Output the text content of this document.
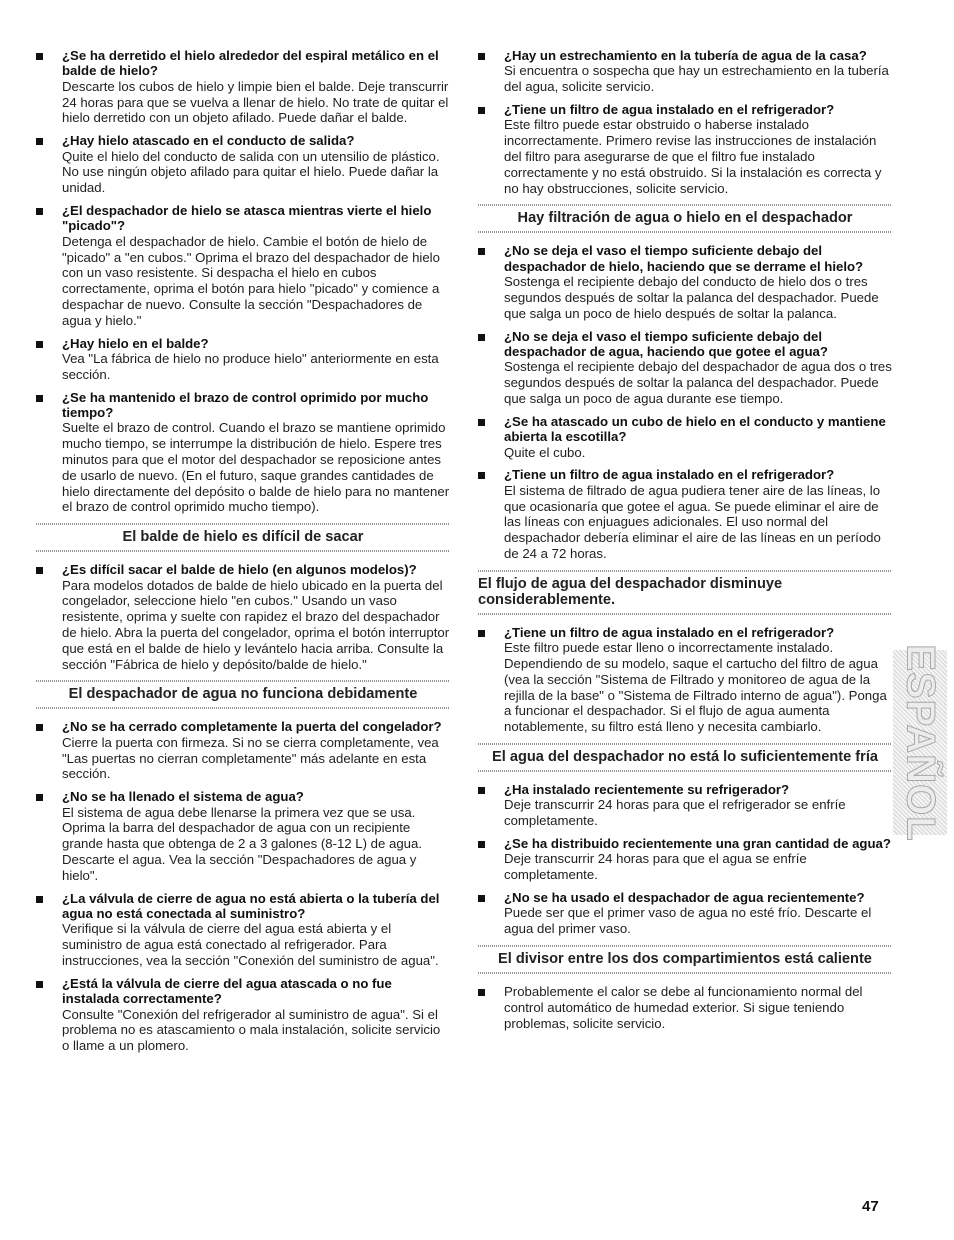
¿Se ha derretido el hielo alrededor del espiral metálico en el balde de hielo?
Descarte los cubos de hielo y limpie bien el balde. Deje transcurrir 24 horas para que se vuelva a llenar de hielo. No trate de quitar el hielo derretido con un objeto afilado. Puede dañar el balde.
¿Hay hielo atascado en el conducto de salida?
Quite el hielo del conducto de salida con un utensilio de plástico. No use ningún objeto afilado para quitar el hielo. Puede dañar la unidad.
¿El despachador de hielo se atasca mientras vierte el hielo "picado"?
Detenga el despachador de hielo. Cambie el botón de hielo de "picado" a "en cubos." Oprima el brazo del despachador de hielo con un vaso resistente. Si despacha el hielo en cubos correctamente, oprima el botón para hielo "picado" y comience a despachar de nuevo. Consulte la sección "Despachadores de agua y hielo."
¿Hay hielo en el balde?
Vea "La fábrica de hielo no produce hielo" anteriormente en esta sección.
¿Se ha mantenido el brazo de control oprimido por mucho tiempo?
Suelte el brazo de control. Cuando el brazo se mantiene oprimido mucho tiempo, se interrumpe la distribución de hielo. Espere tres minutos para que el motor del despachador se reposicione antes de usarlo de nuevo. (En el futuro, saque grandes cantidades de hielo directamente del depósito o balde de hielo para no mantener el brazo de control oprimido mucho tiempo).
El balde de hielo es difícil de sacar
¿Es difícil sacar el balde de hielo (en algunos modelos)?
Para modelos dotados de balde de hielo ubicado en la puerta del congelador, seleccione hielo "en cubos." Usando un vaso resistente, oprima y suelte con rapidez el brazo del despachador de hielo. Abra la puerta del congelador, oprima el botón interruptor que está en el balde de hielo y levántelo hacia arriba. Consulte la sección "Fábrica de hielo y depósito/balde de hielo."
El despachador de agua no funciona debidamente
¿No se ha cerrado completamente la puerta del congelador?
Cierre la puerta con firmeza. Si no se cierra completamente, vea "Las puertas no cierran completamente" más adelante en esta sección.
¿No se ha llenado el sistema de agua?
El sistema de agua debe llenarse la primera vez que se usa. Oprima la barra del despachador de agua con un recipiente grande hasta que obtenga de 2 a 3 galones (8-12 L) de agua. Descarte el agua. Vea la sección "Despachadores de agua y hielo".
¿La válvula de cierre de agua no está abierta o la tubería del agua no está conectada al suministro?
Verifique si la válvula de cierre del agua está abierta y el suministro de agua está conectado al refrigerador. Para instrucciones, vea la sección "Conexión del suministro de agua".
¿Está la válvula de cierre del agua atascada o no fue instalada correctamente?
Consulte "Conexión del refrigerador al suministro de agua". Si el problema no es atascamiento o mala instalación, solicite servicio o llame a un plomero.
¿Hay un estrechamiento en la tubería de agua de la casa?
Si encuentra o sospecha que hay un estrechamiento en la tubería del agua, solicite servicio.
¿Tiene un filtro de agua instalado en el refrigerador?
Este filtro puede estar obstruido o haberse instalado incorrectamente. Primero revise las instrucciones de instalación del filtro para asegurarse de que el filtro fue instalado correctamente y no está obstruido. Si la instalación es correcta y no hay obstrucciones, solicite servicio.
Hay filtración de agua o hielo en el despachador
¿No se deja el vaso el tiempo suficiente debajo del despachador de hielo, haciendo que se derrame el hielo?
Sostenga el recipiente debajo del conducto de hielo dos o tres segundos después de soltar la palanca del despachador. Puede que salga un poco de hielo después de soltar la palanca.
¿No se deja el vaso el tiempo suficiente debajo del despachador de agua, haciendo que gotee el agua?
Sostenga el recipiente debajo del despachador de agua dos o tres segundos después de soltar la palanca del despachador. Puede que salga un poco de agua durante ese tiempo.
¿Se ha atascado un cubo de hielo en el conducto y mantiene abierta la escotilla?
Quite el cubo.
¿Tiene un filtro de agua instalado en el refrigerador?
El sistema de filtrado de agua pudiera tener aire de las líneas, lo que ocasionaría que gotee el agua. Se puede eliminar el aire de las líneas con enjuagues adicionales. El uso normal del despachador debería eliminar el aire de las líneas en un período de 24 a 72 horas.
El flujo de agua del despachador disminuye considerablemente.
¿Tiene un filtro de agua instalado en el refrigerador?
Este filtro puede estar lleno o incorrectamente instalado. Dependiendo de su modelo, saque el cartucho del filtro de agua (vea la sección "Sistema de Filtrado y monitoreo de agua de la rejilla de la base" o "Sistema de Filtrado interno de agua"). Ponga a funcionar el despachador. Si el flujo de agua aumenta notablemente, su filtro está lleno y necesita cambiarlo.
El agua del despachador no está lo suficientemente fría
¿Ha instalado recientemente su refrigerador?
Deje transcurrir 24 horas para que el refrigerador se enfríe completamente.
¿Se ha distribuido recientemente una gran cantidad de agua?
Deje transcurrir 24 horas para que el agua se enfríe completamente.
¿No se ha usado el despachador de agua recientemente?
Puede ser que el primer vaso de agua no esté frío. Descarte el agua del primer vaso.
El divisor entre los dos compartimientos está caliente
Probablemente el calor se debe al funcionamiento normal del control automático de humedad exterior. Si sigue teniendo problemas, solicite servicio.
ESPAÑOL
47
